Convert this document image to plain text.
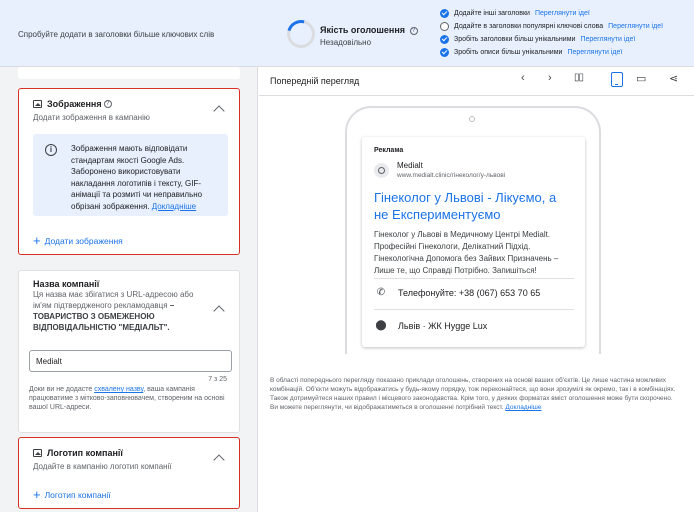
Спробуйте додати в заголовки більше ключових слів	Якість оголошення ?
Незадовільно
Додайте інші заголовки Переглянути ідеї
Додайте в заголовки популярні ключові слова Переглянути ідеї
Зробіть заголовки більш унікальними Переглянути ідеї
Зробіть описи більш унікальними Переглянути ідеї
Зображення ?
Додати зображення в кампанію
i	Зображення мають відповідати стандартам якості Google Ads. Заборонено використовувати накладання логотипів і тексту, GIF-анімації та розмиті чи неправильно обрізані зображення. Докладніше
+ Додати зображення
Назва компанії
Ця назва має збігатися з URL-адресою або ім'ям підтвердженого рекламодавця – ТОВАРИСТВО З ОБМЕЖЕНОЮ ВІДПОВІДАЛЬНІСТЮ "МЕДІАЛЬТ".
Medialt
7 з 25
Доки ви не додасте схвалену назву, ваша кампанія працюватиме з мітково-заповнювачем, створеним на основі вашої URL-адреси.
Логотип компанії
Додайте в кампанію логотип компанії
+ Логотип компанії
Попередній перегляд	‹ › ▯▯	▭ ⋖
Реклама
Medialt
www.medialt.clinic/гінеколог/у-львові
Гінеколог у Львові - Лікуємо, а не Експериментуємо
Гінеколог у Львові в Медичному Центрі Medialt. Професійні Гінекологи, Делікатний Підхід. Гінекологічна Допомога без Зайвих Призначень – Лише те, що Справді Потрібно. Запишіться!
✆	Телефонуйте: +38 (067) 653 70 65
⬤ Львів · ЖК Hygge Lux
В області попереднього перегляду показано приклади оголошень, створених на основі ваших об'єктів. Це лише частина можливих комбінацій. Об'єкти можуть відображатись у будь-якому порядку, тож переконайтеся, що вони зрозумілі як окремо, так і в комбінаціях. Також дотримуйтеся наших правил і місцевого законодавства. Крім того, у деяких форматах вміст оголошення може бути скорочено. Ви можете переглянути, чи відображатиметься в оголошенні потрібний текст. Докладніше
